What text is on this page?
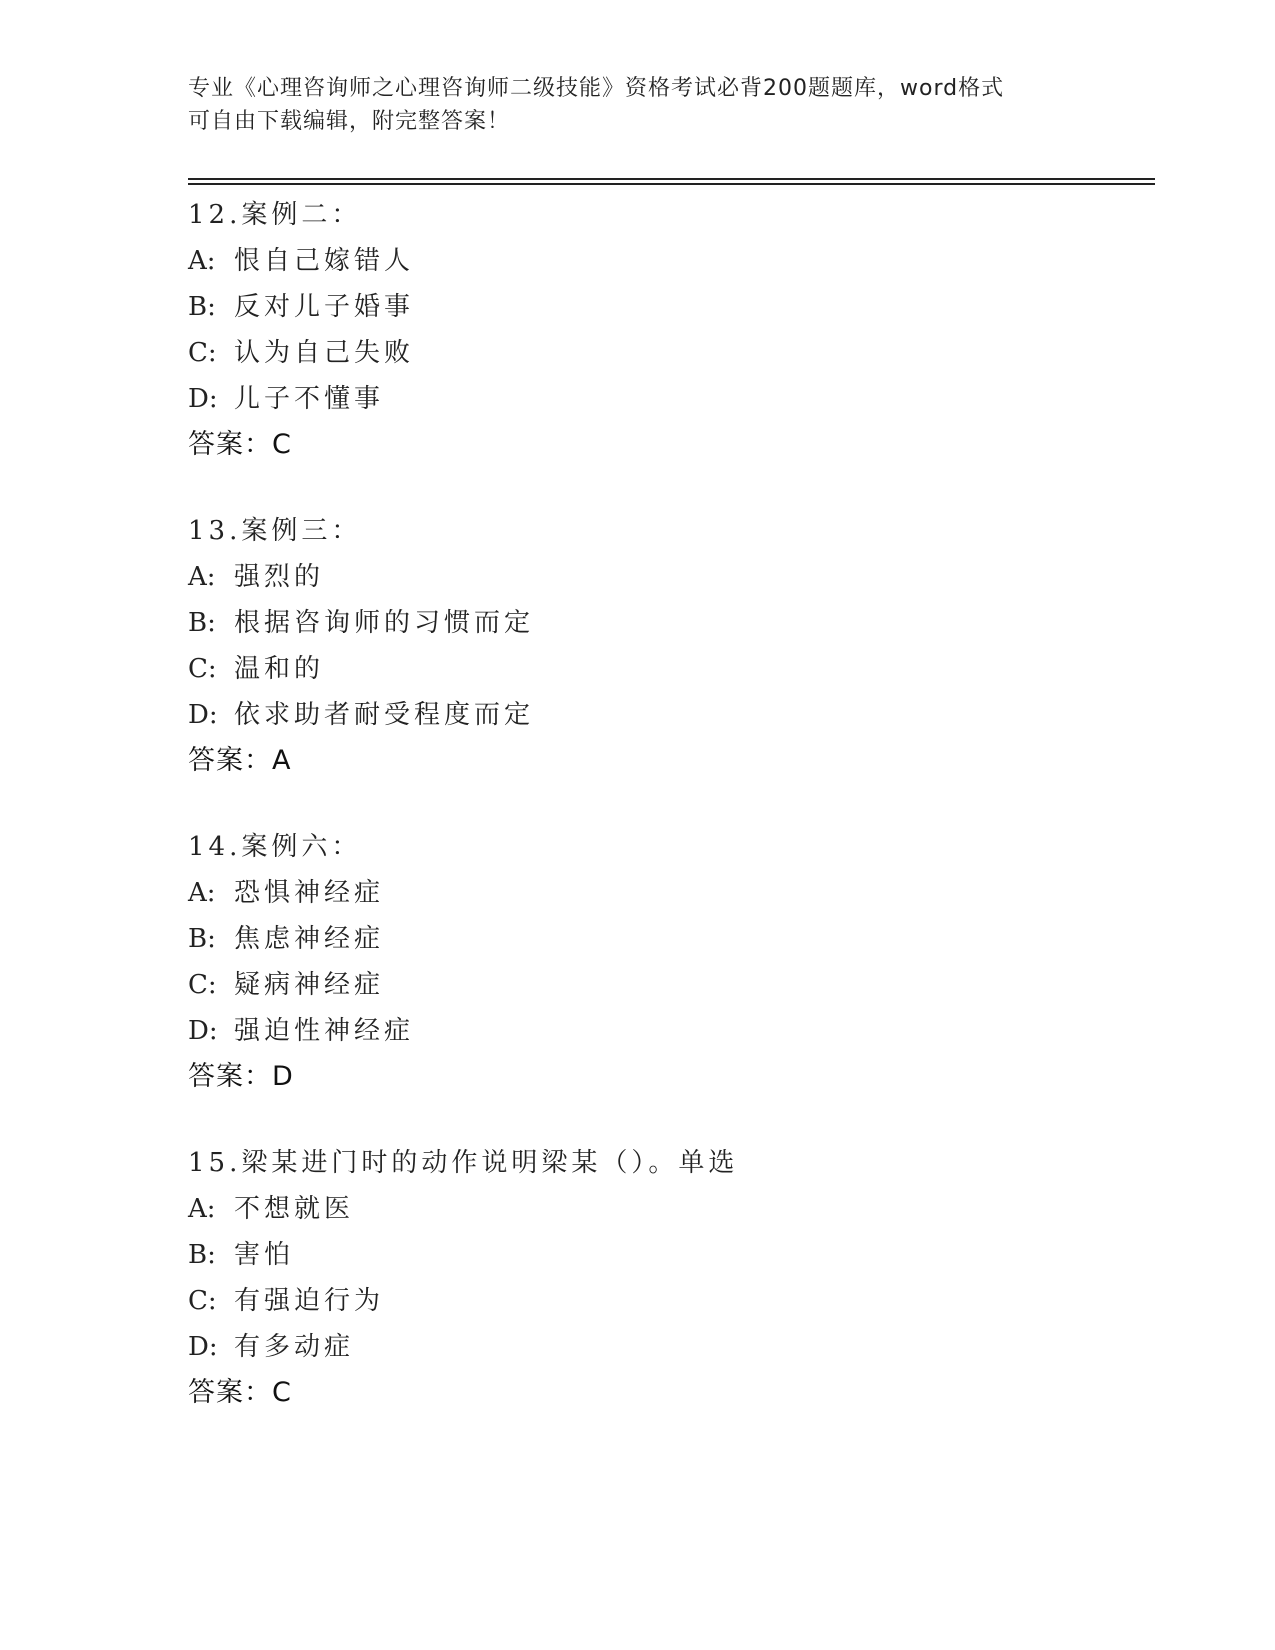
专业《心理咨询师之心理咨询师二级技能》资格考试必背200题题库，word格式
可自由下载编辑，附完整答案！
12.案例二：
A: 恨自己嫁错人
B: 反对儿子婚事
C: 认为自己失败
D: 儿子不懂事
答案：C
13.案例三：
A: 强烈的
B: 根据咨询师的习惯而定
C: 温和的
D: 依求助者耐受程度而定
答案：A
14.案例六：
A: 恐惧神经症
B: 焦虑神经症
C: 疑病神经症
D: 强迫性神经症
答案：D
15.梁某进门时的动作说明梁某（）。单选
A: 不想就医
B: 害怕
C: 有强迫行为
D: 有多动症
答案：C
